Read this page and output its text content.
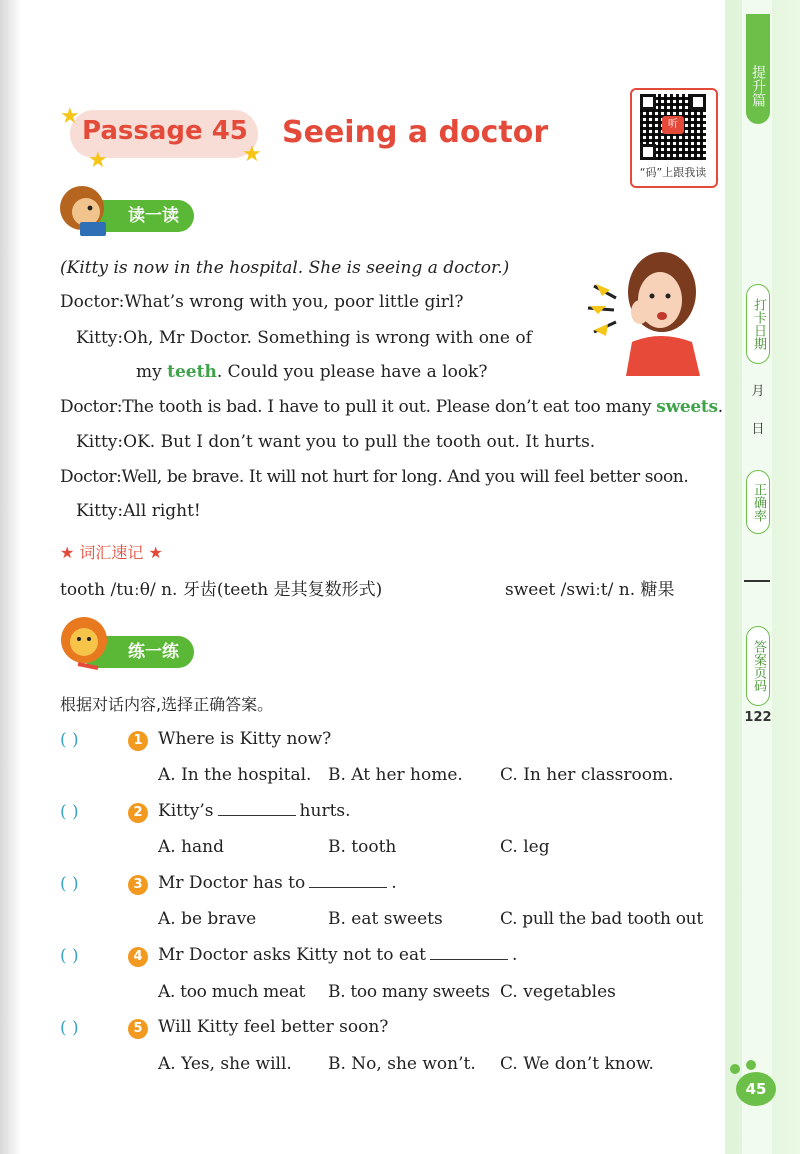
提升篇
打卡日期
月
日
正确率
答案页码
122
45
★
★	★
Passage 45 Seeing a doctor	听
“码”上跟我读
读一读
(Kitty is now in the hospital. She is seeing a doctor.)
Doctor:What’s wrong with you, poor little girl?
Kitty:Oh, Mr Doctor. Something is wrong with one of
my teeth. Could you please have a look?
Doctor:The tooth is bad. I have to pull it out. Please don’t eat too many sweets.
Kitty:OK. But I don’t want you to pull the tooth out. It hurts.
Doctor:Well, be brave. It will not hurt for long. And you will feel better soon.
Kitty:All right!
★ 词汇速记 ★
tooth /tuːθ/ n. 牙齿(teeth 是其复数形式)	sweet /swiːt/ n. 糖果
练一练
根据对话内容,选择正确答案。
( )	1 Where is Kitty now?
A. In the hospital. B. At her home. C. In her classroom.
( )	2 Kitty’s	hurts.
A. hand	B. tooth	C. leg
( )	3 Mr Doctor has to	.
A. be brave	B. eat sweets	C. pull the bad tooth out
( )	4 Mr Doctor asks Kitty not to eat	.
A. too much meat B. too many sweets C. vegetables
( )	5 Will Kitty feel better soon?
A. Yes, she will. B. No, she won’t. C. We don’t know.
